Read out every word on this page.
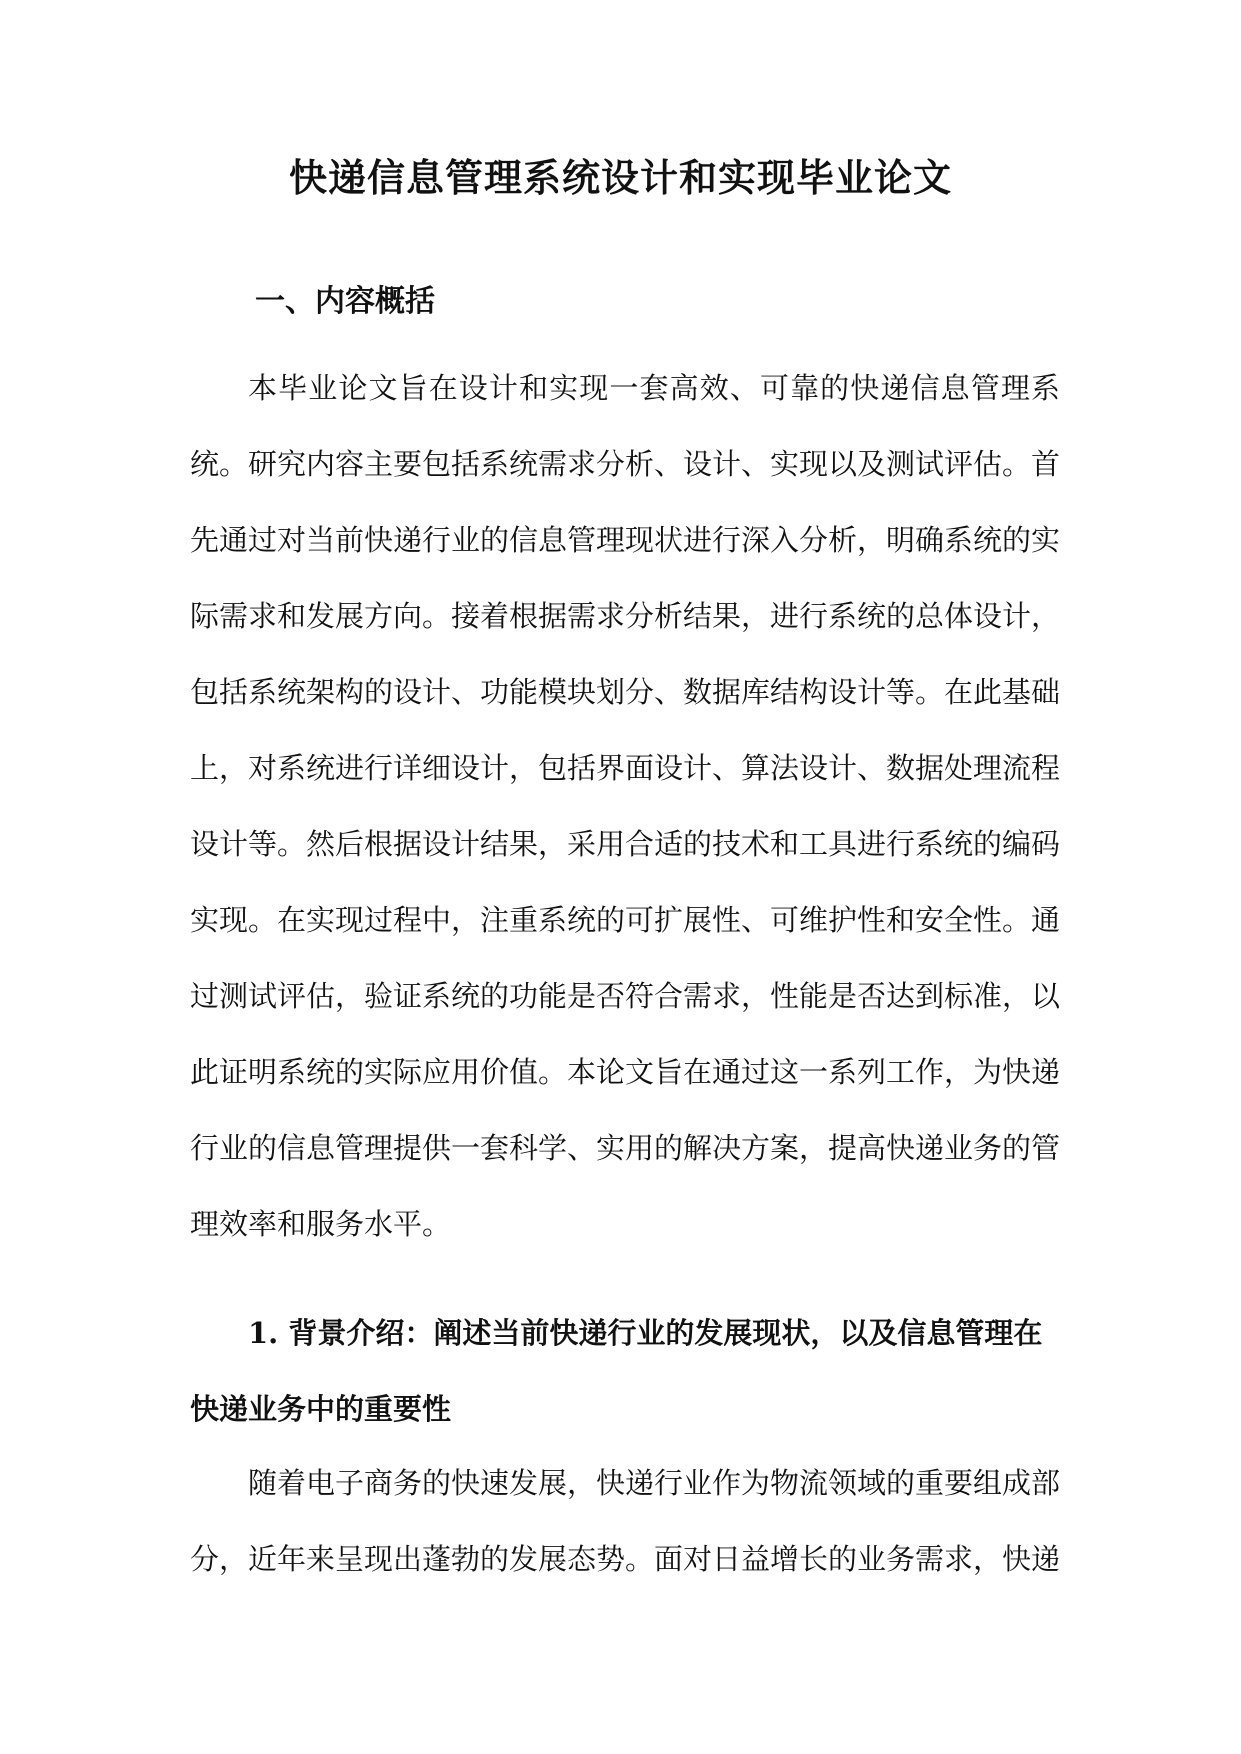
快递信息管理系统设计和实现毕业论文
一、内容概括

本毕业论文旨在设计和实现一套高效、可靠的快递信息管理系统。研究内容主要包括系统需求分析、设计、实现以及测试评估。首先通过对当前快递行业的信息管理现状进行深入分析，明确系统的实际需求和发展方向。接着根据需求分析结果，进行系统的总体设计，包括系统架构的设计、功能模块划分、数据库结构设计等。在此基础上，对系统进行详细设计，包括界面设计、算法设计、数据处理流程设计等。然后根据设计结果，采用合适的技术和工具进行系统的编码实现。在实现过程中，注重系统的可扩展性、可维护性和安全性。通过测试评估，验证系统的功能是否符合需求，性能是否达到标准，以此证明系统的实际应用价值。本论文旨在通过这一系列工作，为快递行业的信息管理提供一套科学、实用的解决方案，提高快递业务的管理效率和服务水平。

1. 背景介绍：阐述当前快递行业的发展现状，以及信息管理在快递业务中的重要性

随着电子商务的快速发展，快递行业作为物流领域的重要组成部分，近年来呈现出蓬勃的发展态势。面对日益增长的业务需求，快递
